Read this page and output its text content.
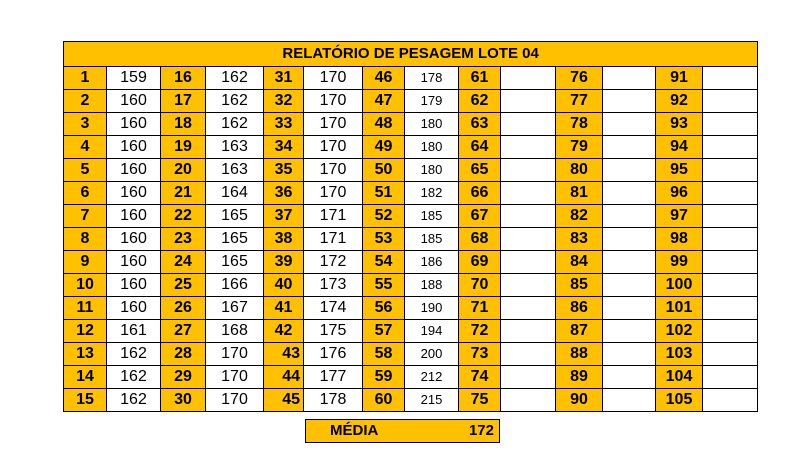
RELATÓRIO DE PESAGEM LOTE 04													
1	159	16	162	31	170	46	178	61		76		91	
2	160	17	162	32	170	47	179	62		77		92	
3	160	18	162	33	170	48	180	63		78		93	
4	160	19	163	34	170	49	180	64		79		94	
5	160	20	163	35	170	50	180	65		80		95	
6	160	21	164	36	170	51	182	66		81		96	
7	160	22	165	37	171	52	185	67		82		97	
8	160	23	165	38	171	53	185	68		83		98	
9	160	24	165	39	172	54	186	69		84		99	
10	160	25	166	40	173	55	188	70		85		100	
11	160	26	167	41	174	56	190	71		86		101	
12	161	27	168	42	175	57	194	72		87		102	
13	162	28	170	43	176	58	200	73		88		103	
14	162	29	170	44	177	59	212	74		89		104	
15	162	30	170	45	178	60	215	75		90		105	
MÉDIA	172
